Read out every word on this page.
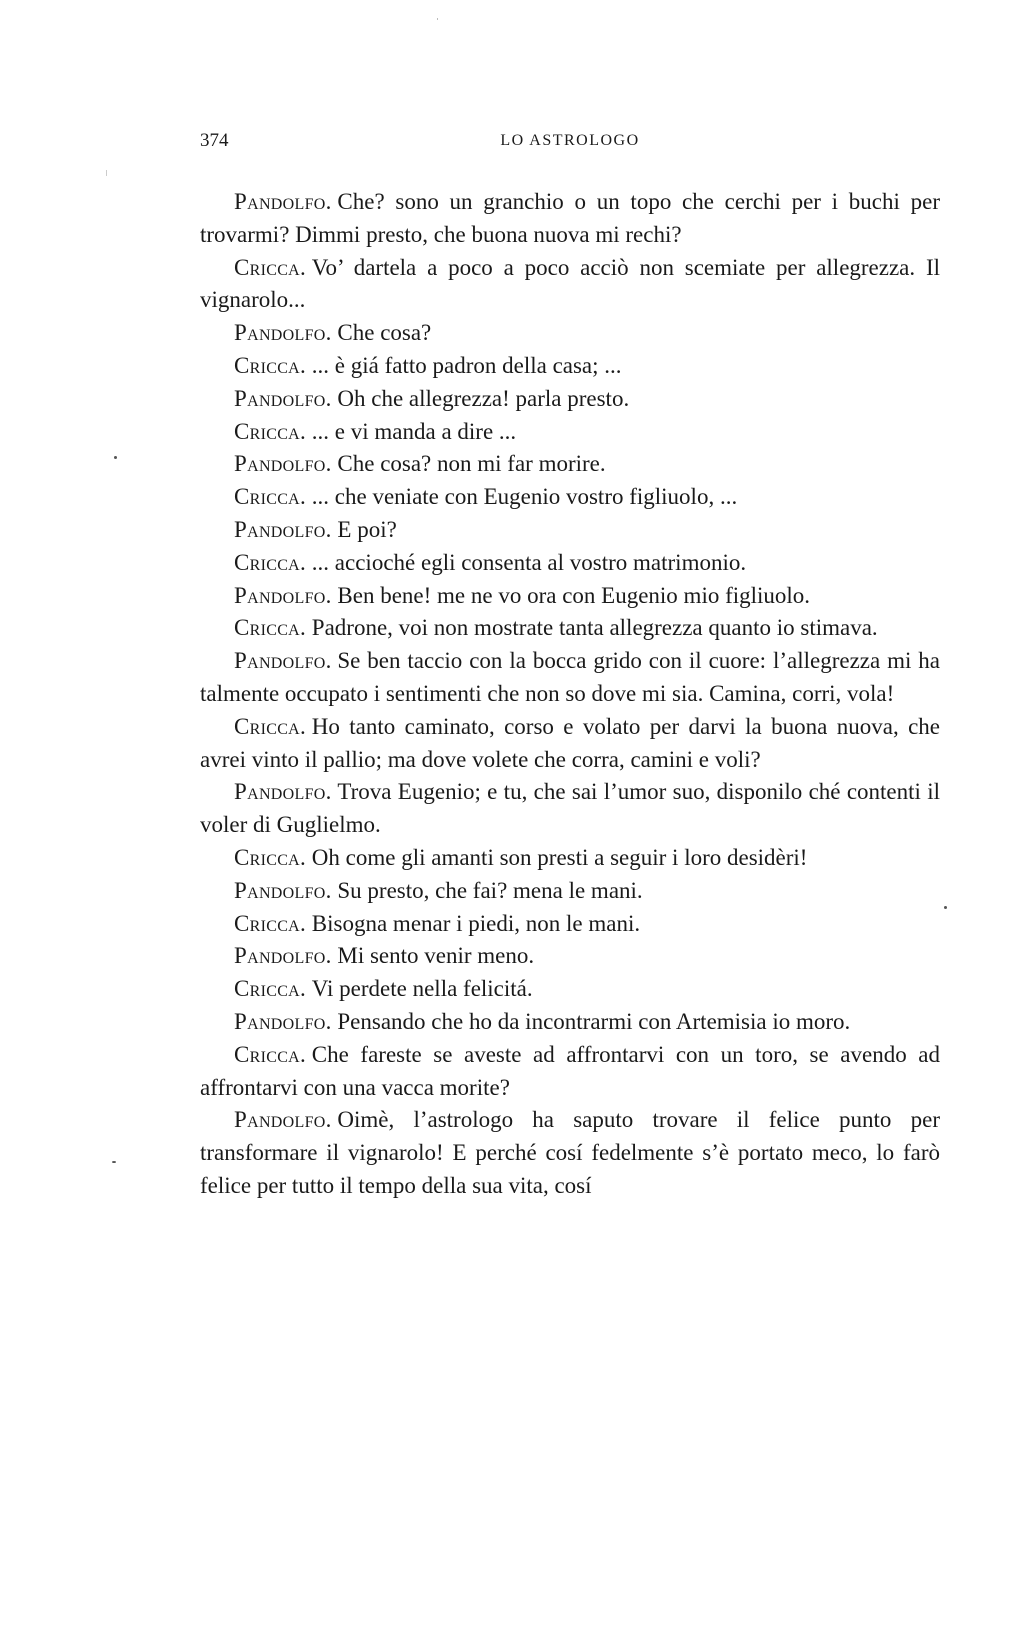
374	LO ASTROLOGO

Pandolfo. Che? sono un granchio o un topo che cerchi per i buchi per trovarmi? Dimmi presto, che buona nuova mi rechi?

Cricca. Vo’ dartela a poco a poco acciò non scemiate per allegrezza. Il vignarolo...

Pandolfo. Che cosa?

Cricca. ... è giá fatto padron della casa; ...

Pandolfo. Oh che allegrezza! parla presto.

Cricca. ... e vi manda a dire ...

Pandolfo. Che cosa? non mi far morire.

Cricca. ... che veniate con Eugenio vostro figliuolo, ...

Pandolfo. E poi?

Cricca. ... accioché egli consenta al vostro matrimonio.

Pandolfo. Ben bene! me ne vo ora con Eugenio mio figliuolo.

Cricca. Padrone, voi non mostrate tanta allegrezza quanto io stimava.

Pandolfo. Se ben taccio con la bocca grido con il cuore: l’allegrezza mi ha talmente occupato i sentimenti che non so dove mi sia. Camina, corri, vola!

Cricca. Ho tanto caminato, corso e volato per darvi la buona nuova, che avrei vinto il pallio; ma dove volete che corra, camini e voli?

Pandolfo. Trova Eugenio; e tu, che sai l’umor suo, disponilo ché contenti il voler di Guglielmo.

Cricca. Oh come gli amanti son presti a seguir i loro desidèri!

Pandolfo. Su presto, che fai? mena le mani.

Cricca. Bisogna menar i piedi, non le mani.

Pandolfo. Mi sento venir meno.

Cricca. Vi perdete nella felicitá.

Pandolfo. Pensando che ho da incontrarmi con Artemisia io moro.

Cricca. Che fareste se aveste ad affrontarvi con un toro, se avendo ad affrontarvi con una vacca morite?

Pandolfo. Oimè, l’astrologo ha saputo trovare il felice punto per transformare il vignarolo! E perché cosí fedelmente s’è portato meco, lo farò felice per tutto il tempo della sua vita, cosí
